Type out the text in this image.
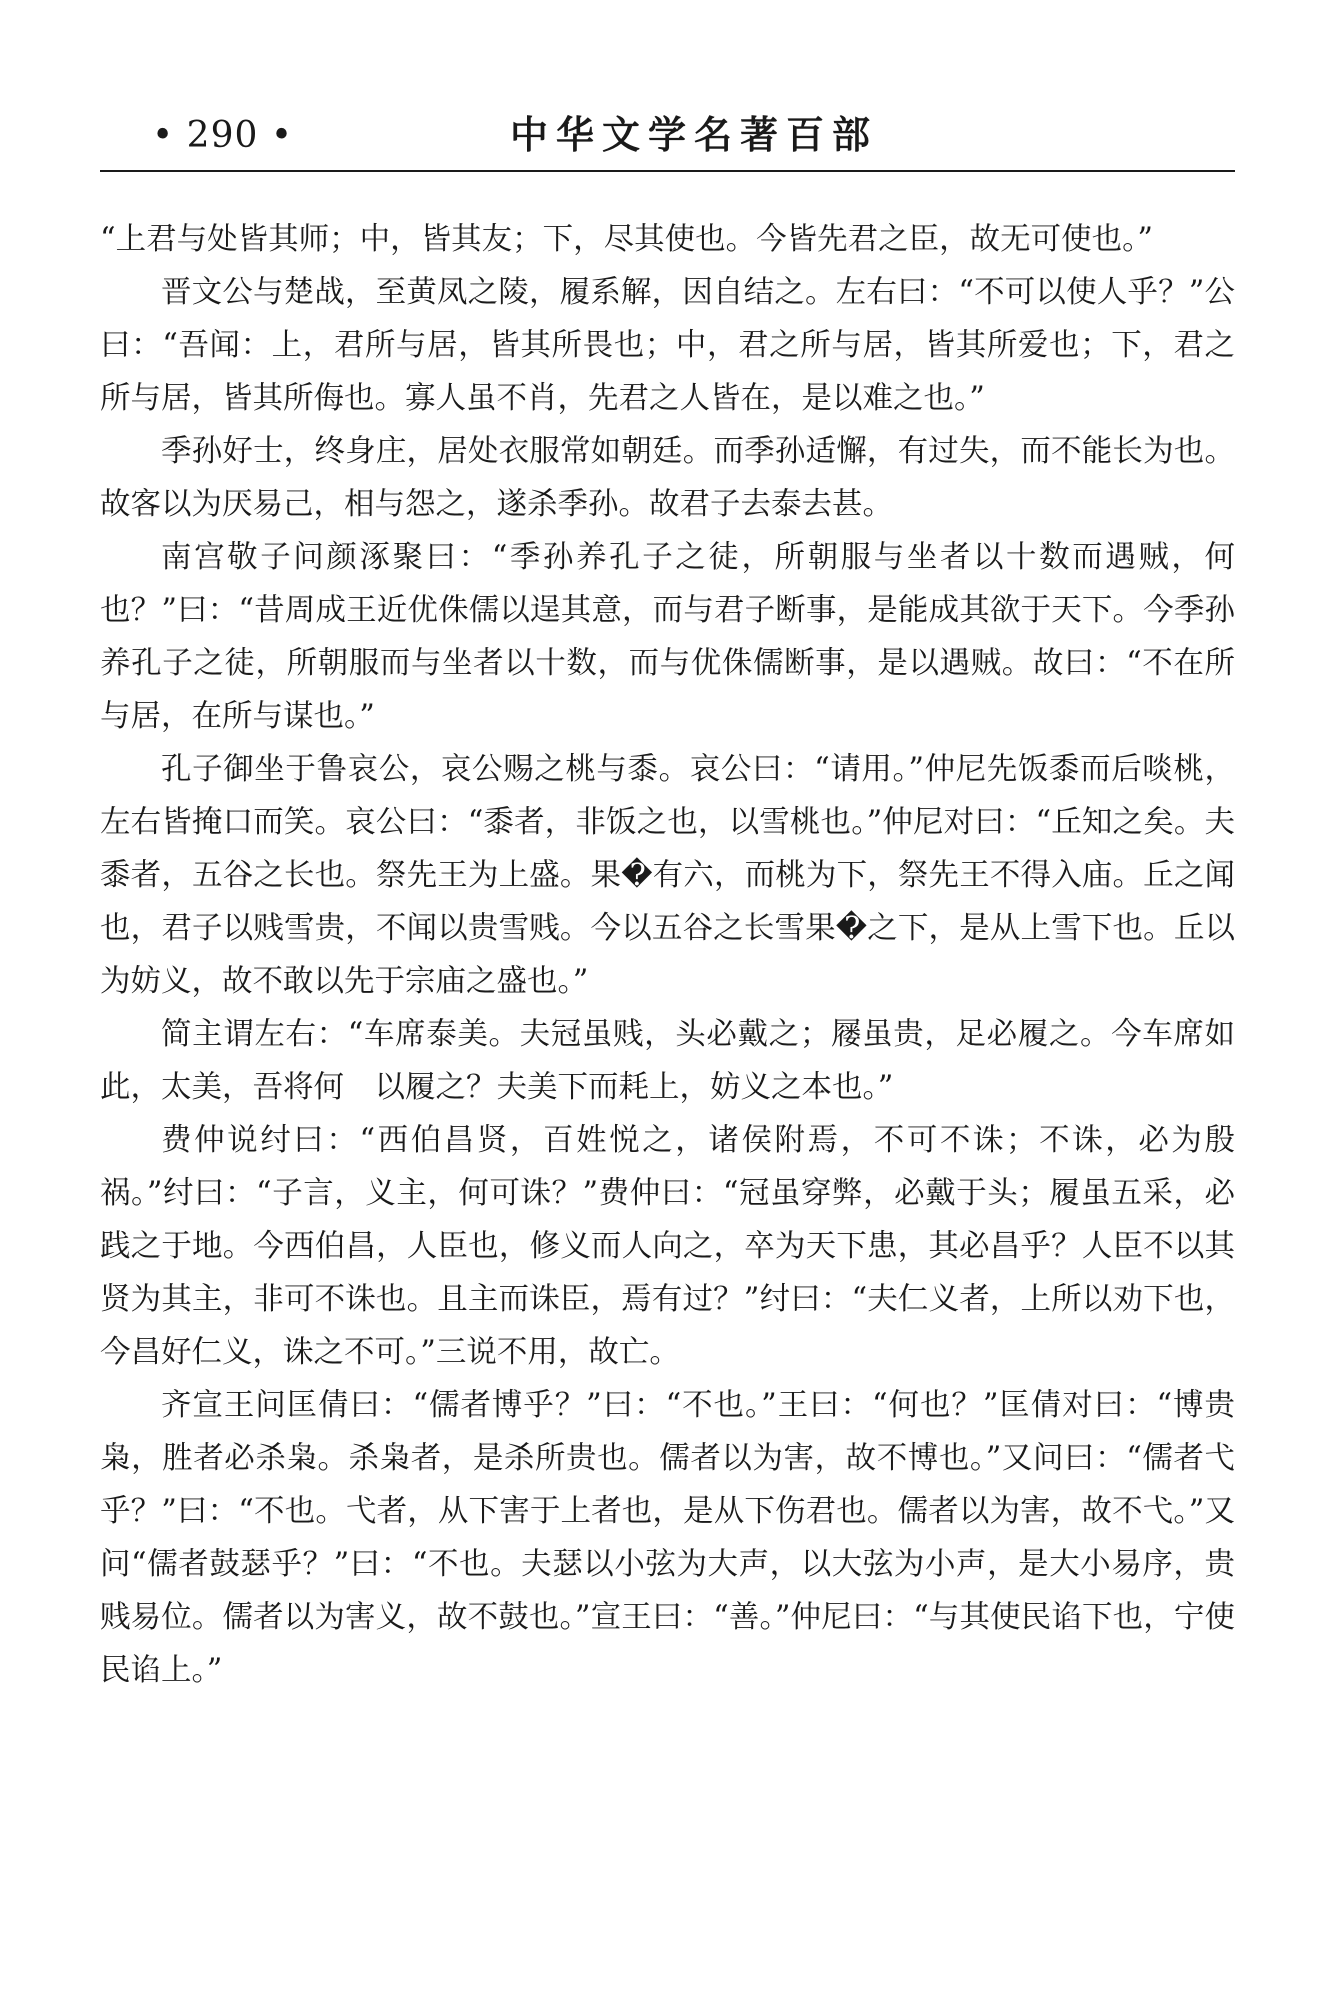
• 290 •	中华文学名著百部

“上君与处皆其师；中，皆其友；下，尽其使也。今皆先君之臣，故无可使也。”

晋文公与楚战，至黄凤之陵，履系解，因自结之。左右曰：“不可以使人乎？”公曰：“吾闻：上，君所与居，皆其所畏也；中，君之所与居，皆其所爱也；下，君之所与居，皆其所侮也。寡人虽不肖，先君之人皆在，是以难之也。”

季孙好士，终身庄，居处衣服常如朝廷。而季孙适懈，有过失，而不能长为也。故客以为厌易己，相与怨之，遂杀季孙。故君子去泰去甚。

南宫敬子问颜涿聚曰：“季孙养孔子之徒，所朝服与坐者以十数而遇贼，何也？”曰：“昔周成王近优侏儒以逞其意，而与君子断事，是能成其欲于天下。今季孙养孔子之徒，所朝服而与坐者以十数，而与优侏儒断事，是以遇贼。故曰：“不在所与居，在所与谋也。”

孔子御坐于鲁哀公，哀公赐之桃与黍。哀公曰：“请用。”仲尼先饭黍而后啖桃，左右皆掩口而笑。哀公曰：“黍者，非饭之也，以雪桃也。”仲尼对曰：“丘知之矣。夫黍者，五谷之长也。祭先王为上盛。果�有六，而桃为下，祭先王不得入庙。丘之闻也，君子以贱雪贵，不闻以贵雪贱。今以五谷之长雪果�之下，是从上雪下也。丘以为妨义，故不敢以先于宗庙之盛也。”

简主谓左右：“车席泰美。夫冠虽贱，头必戴之；屦虽贵，足必履之。今车席如此，太美，吾将何　以履之？夫美下而耗上，妨义之本也。”

费仲说纣曰：“西伯昌贤，百姓悦之，诸侯附焉，不可不诛；不诛，必为殷祸。”纣曰：“子言，义主，何可诛？”费仲曰：“冠虽穿弊，必戴于头；履虽五采，必践之于地。今西伯昌，人臣也，修义而人向之，卒为天下患，其必昌乎？人臣不以其贤为其主，非可不诛也。且主而诛臣，焉有过？”纣曰：“夫仁义者，上所以劝下也，今昌好仁义，诛之不可。”三说不用，故亡。

齐宣王问匡倩曰：“儒者博乎？”曰：“不也。”王曰：“何也？”匡倩对曰：“博贵枭，胜者必杀枭。杀枭者，是杀所贵也。儒者以为害，故不博也。”又问曰：“儒者弋乎？”曰：“不也。弋者，从下害于上者也，是从下伤君也。儒者以为害，故不弋。”又问“儒者鼓瑟乎？”曰：“不也。夫瑟以小弦为大声，以大弦为小声，是大小易序，贵贱易位。儒者以为害义，故不鼓也。”宣王曰：“善。”仲尼曰：“与其使民谄下也，宁使民谄上。”
